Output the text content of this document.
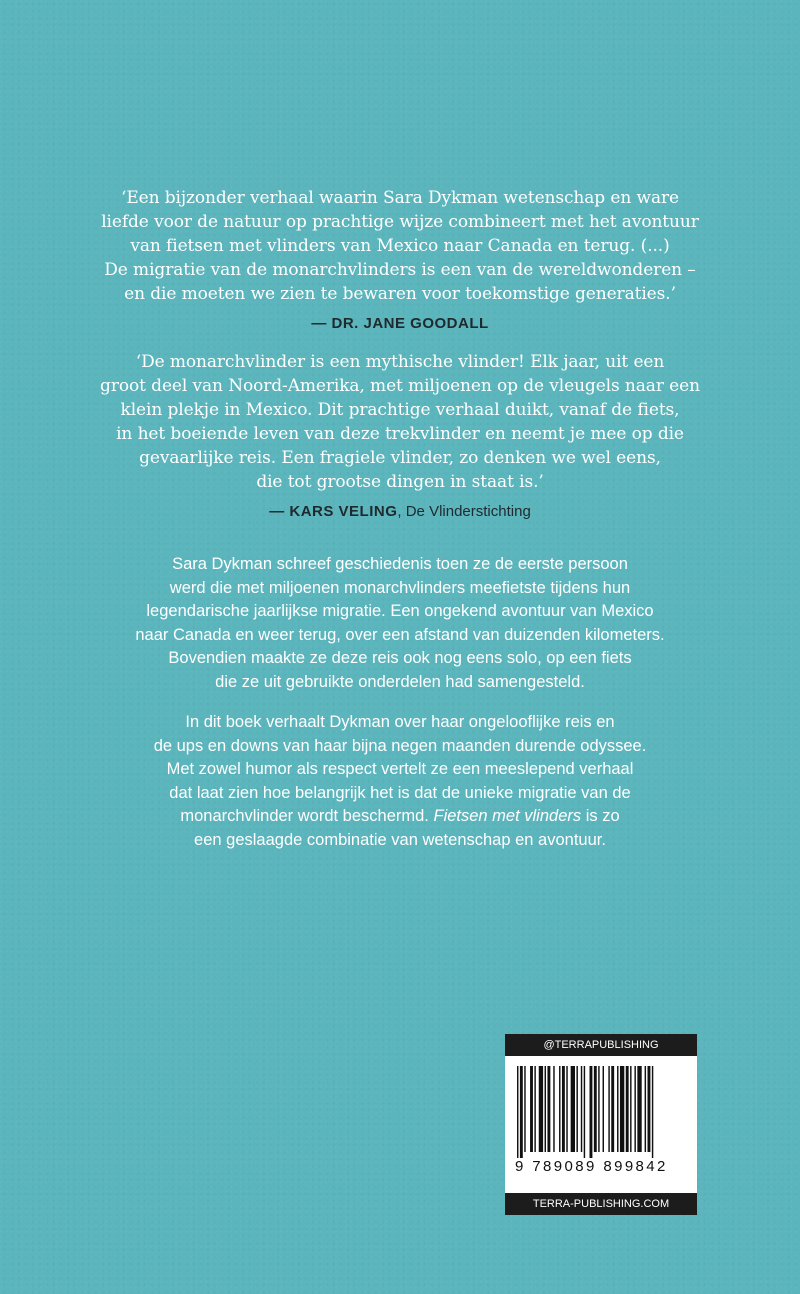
‘Een bijzonder verhaal waarin Sara Dykman wetenschap en ware
liefde voor de natuur op prachtige wijze combineert met het avontuur
van fietsen met vlinders van Mexico naar Canada en terug. (...)
De migratie van de monarchvlinders is een van de wereldwonderen –
en die moeten we zien te bewaren voor toekomstige generaties.’

— DR. JANE GOODALL

‘De monarchvlinder is een mythische vlinder! Elk jaar, uit een
groot deel van Noord-Amerika, met miljoenen op de vleugels naar een
klein plekje in Mexico. Dit prachtige verhaal duikt, vanaf de fiets,
in het boeiende leven van deze trekvlinder en neemt je mee op die
gevaarlijke reis. Een fragiele vlinder, zo denken we wel eens,
die tot grootse dingen in staat is.’

— KARS VELING, De Vlinderstichting

Sara Dykman schreef geschiedenis toen ze de eerste persoon
werd die met miljoenen monarchvlinders meefietste tijdens hun
legendarische jaarlijkse migratie. Een ongekend avontuur van Mexico
naar Canada en weer terug, over een afstand van duizenden kilometers.
Bovendien maakte ze deze reis ook nog eens solo, op een fiets
die ze uit gebruikte onderdelen had samengesteld.

In dit boek verhaalt Dykman over haar ongelooflijke reis en
de ups en downs van haar bijna negen maanden durende odyssee.
Met zowel humor als respect vertelt ze een meeslepend verhaal
dat laat zien hoe belangrijk het is dat de unieke migratie van de
monarchvlinder wordt beschermd. Fietsen met vlinders is zo
een geslaagde combinatie van wetenschap en avontuur.

@TERRAPUBLISHING
9 789089 899842
TERRA-PUBLISHING.COM
